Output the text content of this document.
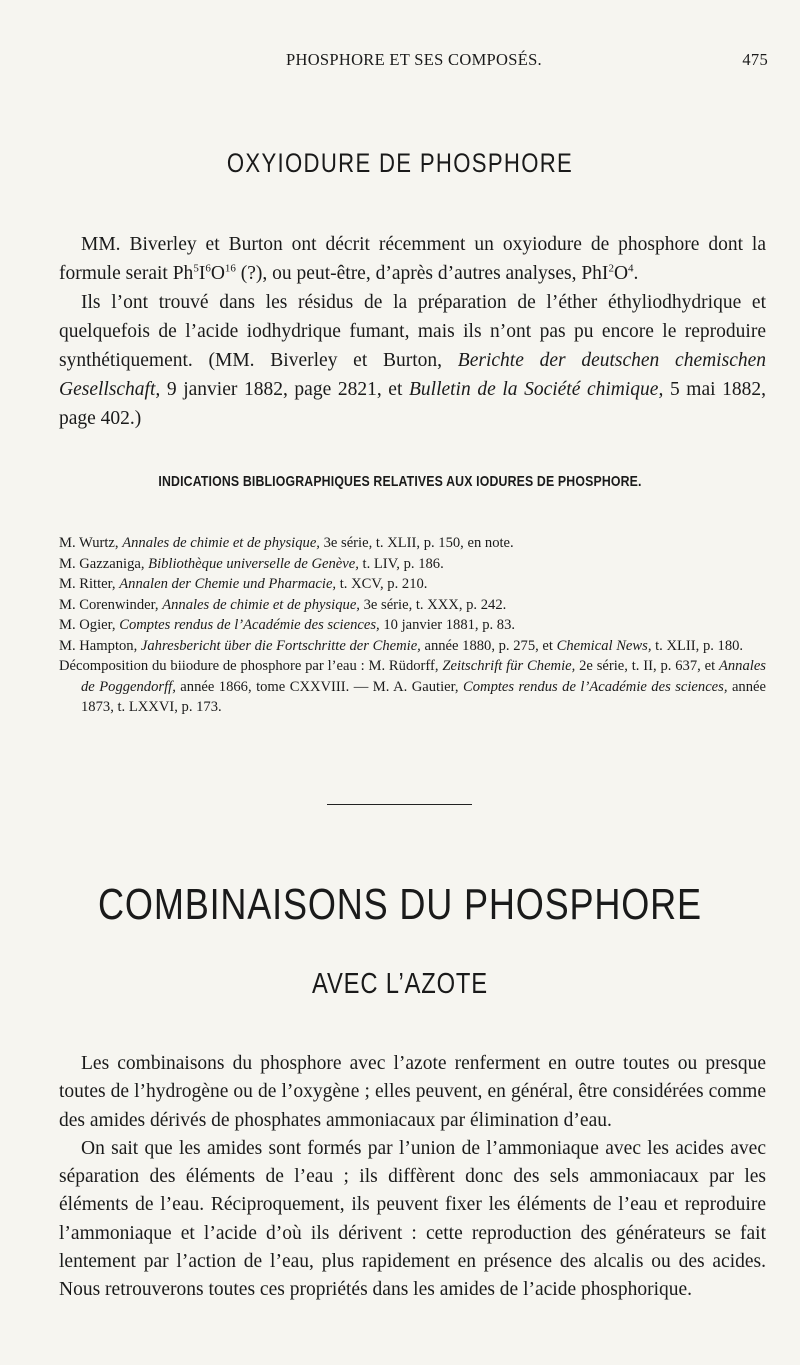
PHOSPHORE ET SES COMPOSÉS.	475
OXYIODURE DE PHOSPHORE

MM. Biverley et Burton ont décrit récemment un oxyiodure de phosphore dont la formule serait $Ph^5I^6O^{16}$ (?), ou peut-être, d’après d’autres analyses, $PhI^2O^4$.

Ils l’ont trouvé dans les résidus de la préparation de l’éther éthyliodhydrique et quelquefois de l’acide iodhydrique fumant, mais ils n’ont pas pu encore le reproduire synthétiquement. (MM. Biverley et Burton, Berichte der deutschen chemischen Gesellschaft, 9 janvier 1882, page 2821, et Bulletin de la Société chimique, 5 mai 1882, page 402.)

INDICATIONS BIBLIOGRAPHIQUES RELATIVES AUX IODURES DE PHOSPHORE.
M. Wurtz, Annales de chimie et de physique, 3e série, t. XLII, p. 150, en note.
M. Gazzaniga, Bibliothèque universelle de Genève, t. LIV, p. 186.
M. Ritter, Annalen der Chemie und Pharmacie, t. XCV, p. 210.
M. Corenwinder, Annales de chimie et de physique, 3e série, t. XXX, p. 242.
M. Ogier, Comptes rendus de l’Académie des sciences, 10 janvier 1881, p. 83.
M. Hampton, Jahresbericht über die Fortschritte der Chemie, année 1880, p. 275, et Chemical News, t. XLII, p. 180.
Décomposition du biiodure de phosphore par l’eau : M. Rüdorff, Zeitschrift für Chemie, 2e série, t. II, p. 637, et Annales de Poggendorff, année 1866, tome CXXVIII. — M. A. Gautier, Comptes rendus de l’Académie des sciences, année 1873, t. LXXVI, p. 173.
COMBINAISONS DU PHOSPHORE
AVEC L’AZOTE

Les combinaisons du phosphore avec l’azote renferment en outre toutes ou presque toutes de l’hydrogène ou de l’oxygène ; elles peuvent, en général, être considérées comme des amides dérivés de phosphates ammoniacaux par élimination d’eau.

On sait que les amides sont formés par l’union de l’ammoniaque avec les acides avec séparation des éléments de l’eau ; ils diffèrent donc des sels ammoniacaux par les éléments de l’eau. Réciproquement, ils peuvent fixer les éléments de l’eau et reproduire l’ammoniaque et l’acide d’où ils dérivent : cette reproduction des générateurs se fait lentement par l’action de l’eau, plus rapidement en présence des alcalis ou des acides. Nous retrouverons toutes ces propriétés dans les amides de l’acide phosphorique.
